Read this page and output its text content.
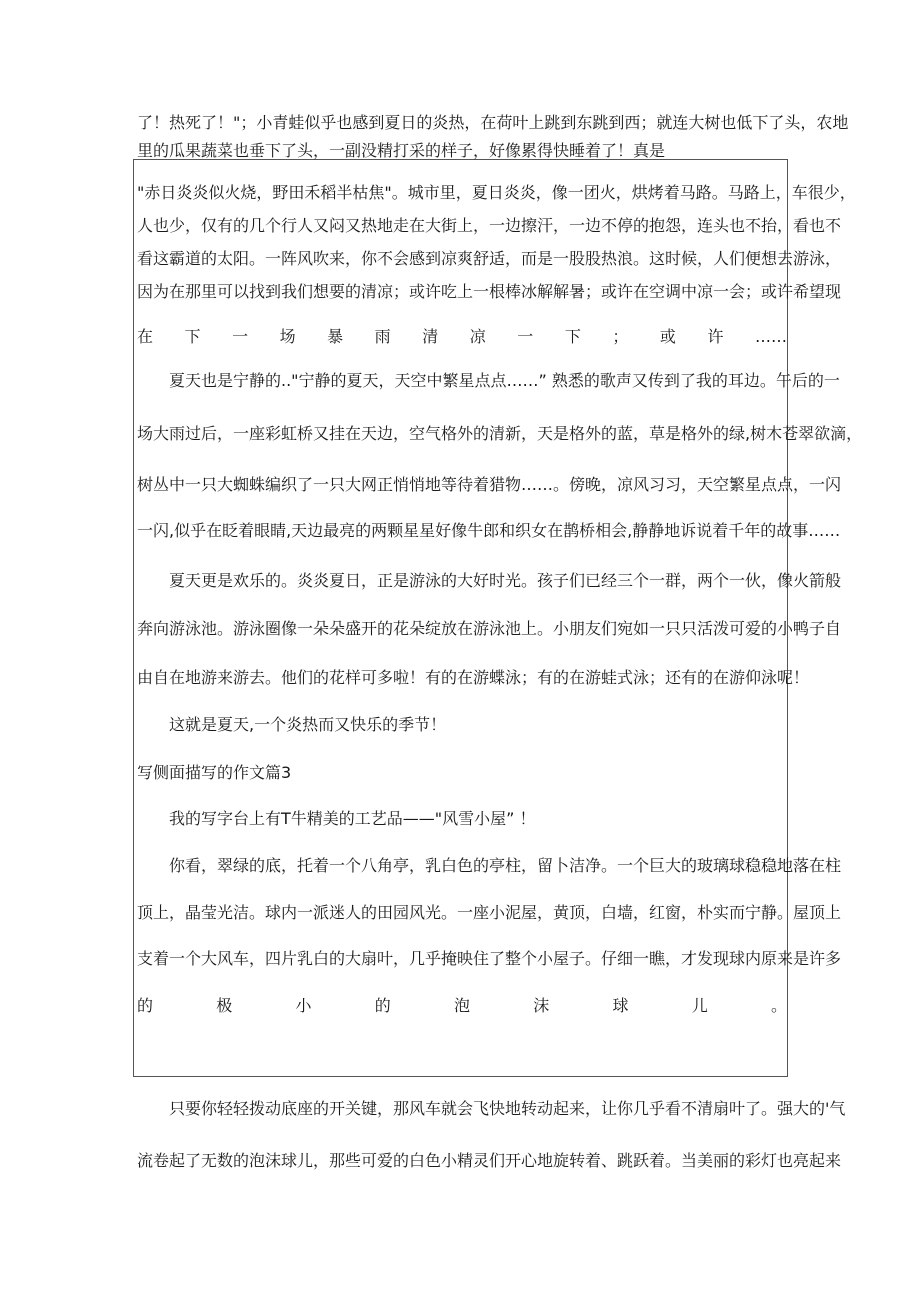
了！热死了！"；小青蛙似乎也感到夏日的炎热，在荷叶上跳到东跳到西；就连大树也低下了头，农地
里的瓜果蔬菜也垂下了头，一副没精打采的样子，好像累得快睡着了！真是
"赤日炎炎似火烧，野田禾稻半枯焦"。城市里，夏日炎炎，像一团火，烘烤着马路。马路上，车很少，
人也少，仅有的几个行人又闷又热地走在大街上，一边擦汗，一边不停的抱怨，连头也不抬，看也不
看这霸道的太阳。一阵风吹来，你不会感到凉爽舒适，而是一股股热浪。这时候，人们便想去游泳，
因为在那里可以找到我们想要的清凉；或许吃上一根棒冰解解暑；或许在空调中凉一会；或许希望现
在下一场暴雨清凉一下；或许……
　　夏天也是宁静的.."宁静的夏天，天空中繁星点点……” 熟悉的歌声又传到了我的耳边。午后的一
场大雨过后，一座彩虹桥又挂在天边，空气格外的清新，天是格外的蓝，草是格外的绿,树木苍翠欲滴，
树丛中一只大蜘蛛编织了一只大网正悄悄地等待着猎物……。傍晚，凉风习习，天空繁星点点，一闪
一闪,似乎在眨着眼睛,天边最亮的两颗星星好像牛郎和织女在鹊桥相会,静静地诉说着千年的故事……
　　夏天更是欢乐的。炎炎夏日，正是游泳的大好时光。孩子们已经三个一群，两个一伙，像火箭般
奔向游泳池。游泳圈像一朵朵盛开的花朵绽放在游泳池上。小朋友们宛如一只只活泼可爱的小鸭子自
由自在地游来游去。他们的花样可多啦！有的在游蝶泳；有的在游蛙式泳；还有的在游仰泳呢！
　　这就是夏天,一个炎热而又快乐的季节！
写侧面描写的作文篇3
　　我的写字台上有T牛精美的工艺品——"风雪小屋” ！
　　你看，翠绿的底，托着一个八角亭，乳白色的亭柱，留卜洁净。一个巨大的玻璃球稳稳地落在柱
顶上，晶莹光洁。球内一派迷人的田园风光。一座小泥屋，黄顶，白墙，红窗，朴实而宁静。屋顶上
支着一个大风车，四片乳白的大扇叶，几乎掩映住了整个小屋子。仔细一瞧，才发现球内原来是许多
的极小的泡沫球儿。
　　只要你轻轻拨动底座的开关键，那风车就会飞快地转动起来，让你几乎看不清扇叶了。强大的'气
流卷起了无数的泡沫球儿，那些可爱的白色小精灵们开心地旋转着、跳跃着。当美丽的彩灯也亮起来
